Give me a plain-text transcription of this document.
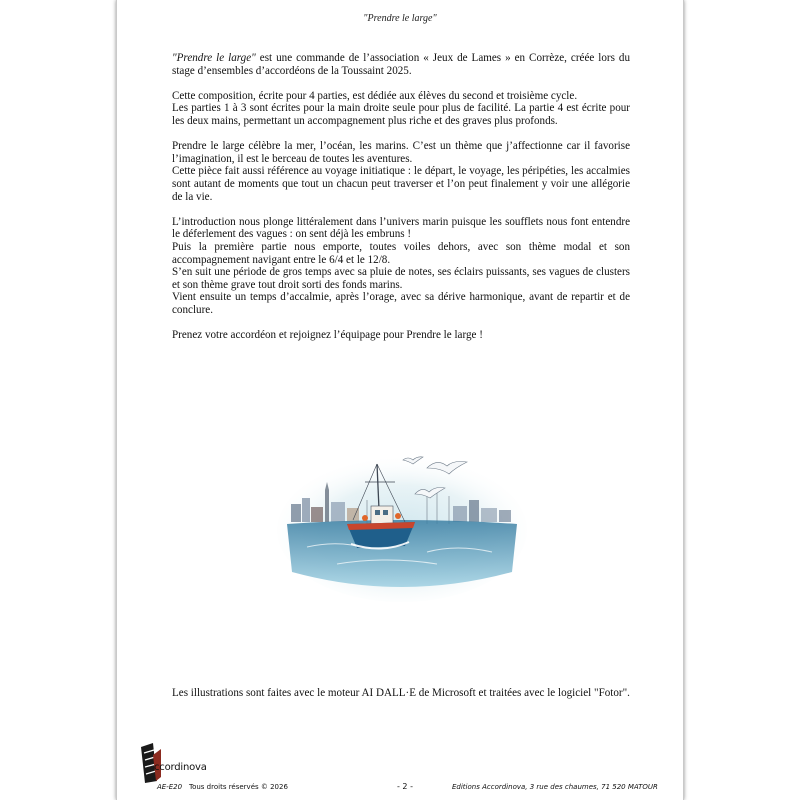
"Prendre le large"

"Prendre le large" est une commande de l’association « Jeux de Lames » en Corrèze, créée lors du stage d’ensembles d’accordéons de la Toussaint 2025.

Cette composition, écrite pour 4 parties, est dédiée aux élèves du second et troisième cycle.

Les parties 1 à 3 sont écrites pour la main droite seule pour plus de facilité. La partie 4 est écrite pour les deux mains, permettant un accompagnement plus riche et des graves plus profonds.

Prendre le large célèbre la mer, l’océan, les marins. C’est un thème que j’affectionne car il favorise l’imagination, il est le berceau de toutes les aventures.

Cette pièce fait aussi référence au voyage initiatique : le départ, le voyage, les péripéties, les accalmies sont autant de moments que tout un chacun peut traverser et l’on peut finalement y voir une allégorie de la vie.

L’introduction nous plonge littéralement dans l’univers marin puisque les soufflets nous font entendre le déferlement des vagues : on sent déjà les embruns !

Puis la première partie nous emporte, toutes voiles dehors, avec son thème modal et son accompagnement navigant entre le 6/4 et le 12/8.

S’en suit une période de gros temps avec sa pluie de notes, ses éclairs puissants, ses vagues de clusters et son thème grave tout droit sorti des fonds marins.

Vient ensuite un temps d’accalmie, après l’orage, avec sa dérive harmonique, avant de repartir et de conclure.

Prenez votre accordéon et rejoignez l’équipage pour Prendre le large !

Les illustrations sont faites avec le moteur AI DALL·E de Microsoft et traitées avec le logiciel "Fotor".
ccordinova
AE-E20 Tous droits réservés © 2026	- 2 -	Editions Accordinova, 3 rue des chaumes, 71 520 MATOUR
